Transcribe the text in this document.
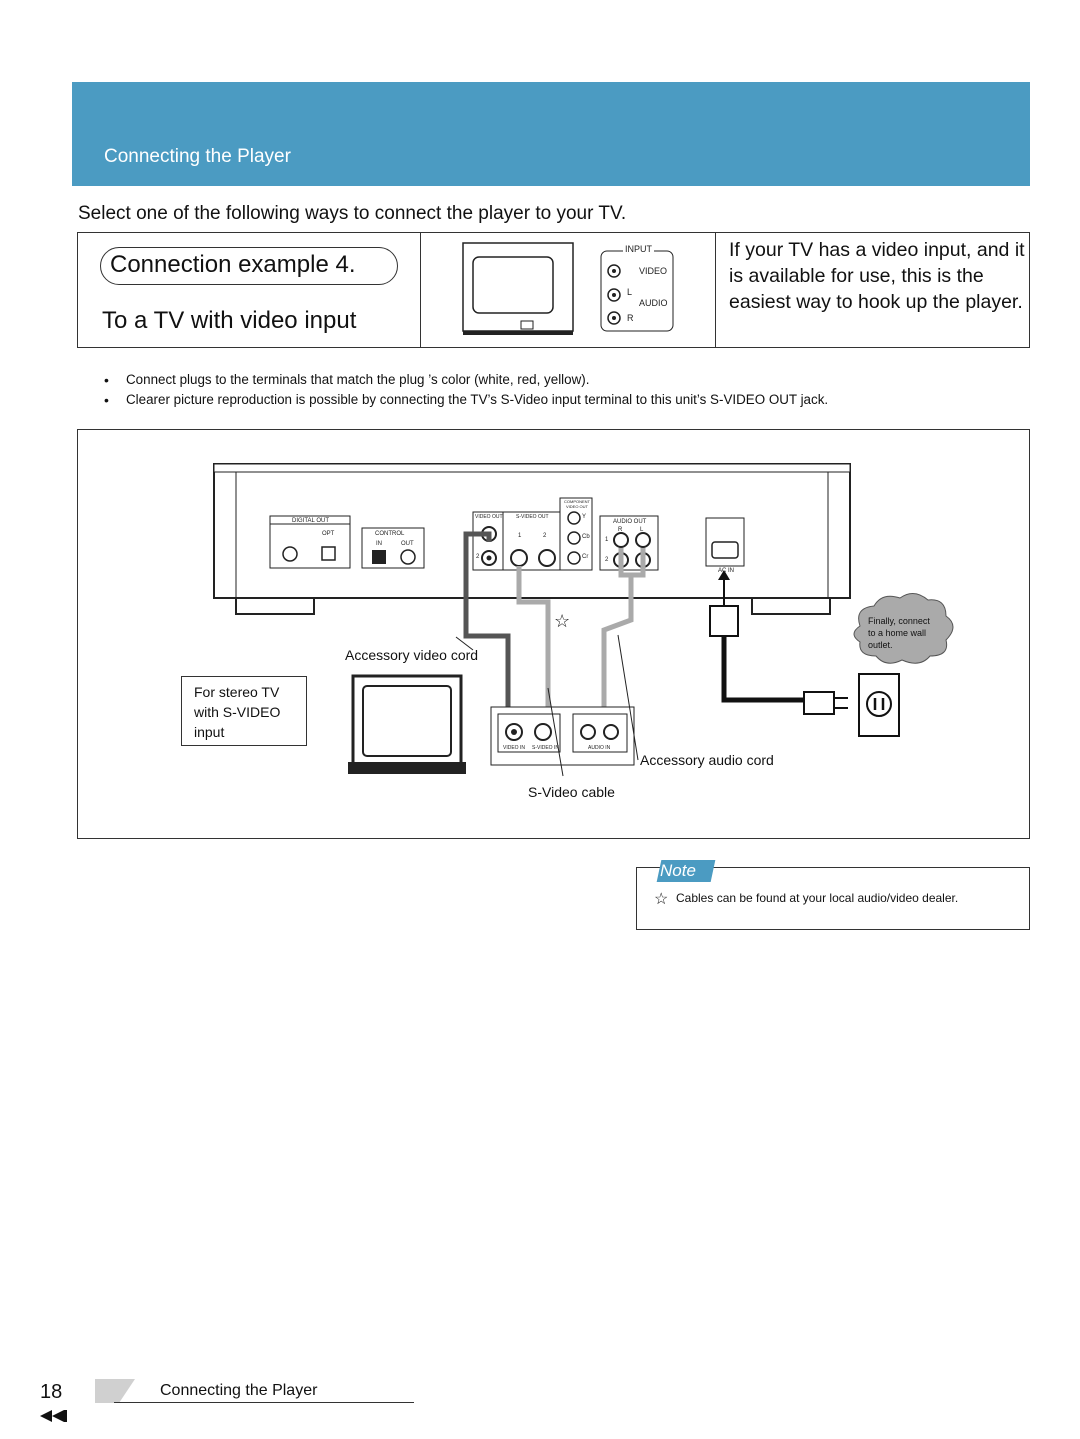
Connecting the Player
Select one of the following ways to connect the player to your TV.
Connection example 4.
To a TV with video input
INPUT
VIDEO
L
AUDIO
R
If your TV has a video input, and it is available for use, this is the easiest way to hook up the player.
• Connect plugs to the terminals that match the plug ’s color (white, red, yellow).
• Clearer picture reproduction is possible by connecting the TV’s S-Video input terminal to this unit’s S-VIDEO OUT jack.
DIGITAL OUT
OPT	CONTROL
IN	OUT
VIDEO OUT	S-VIDEO OUT
COMPONENT VIDEO OUT
Y
Cb
Cr
1	2
2
AUDIO OUT
R	L
1
2
AC IN
VIDEO IN S-VIDEO IN	AUDIO IN
☆
Accessory video cord
For stereo TV
with S-VIDEO
input
Accessory audio cord
S-Video cable
Finally, connect
to a home wall
outlet.
Note
☆ Cables can be found at your local audio/video dealer.
18	Connecting the Player
